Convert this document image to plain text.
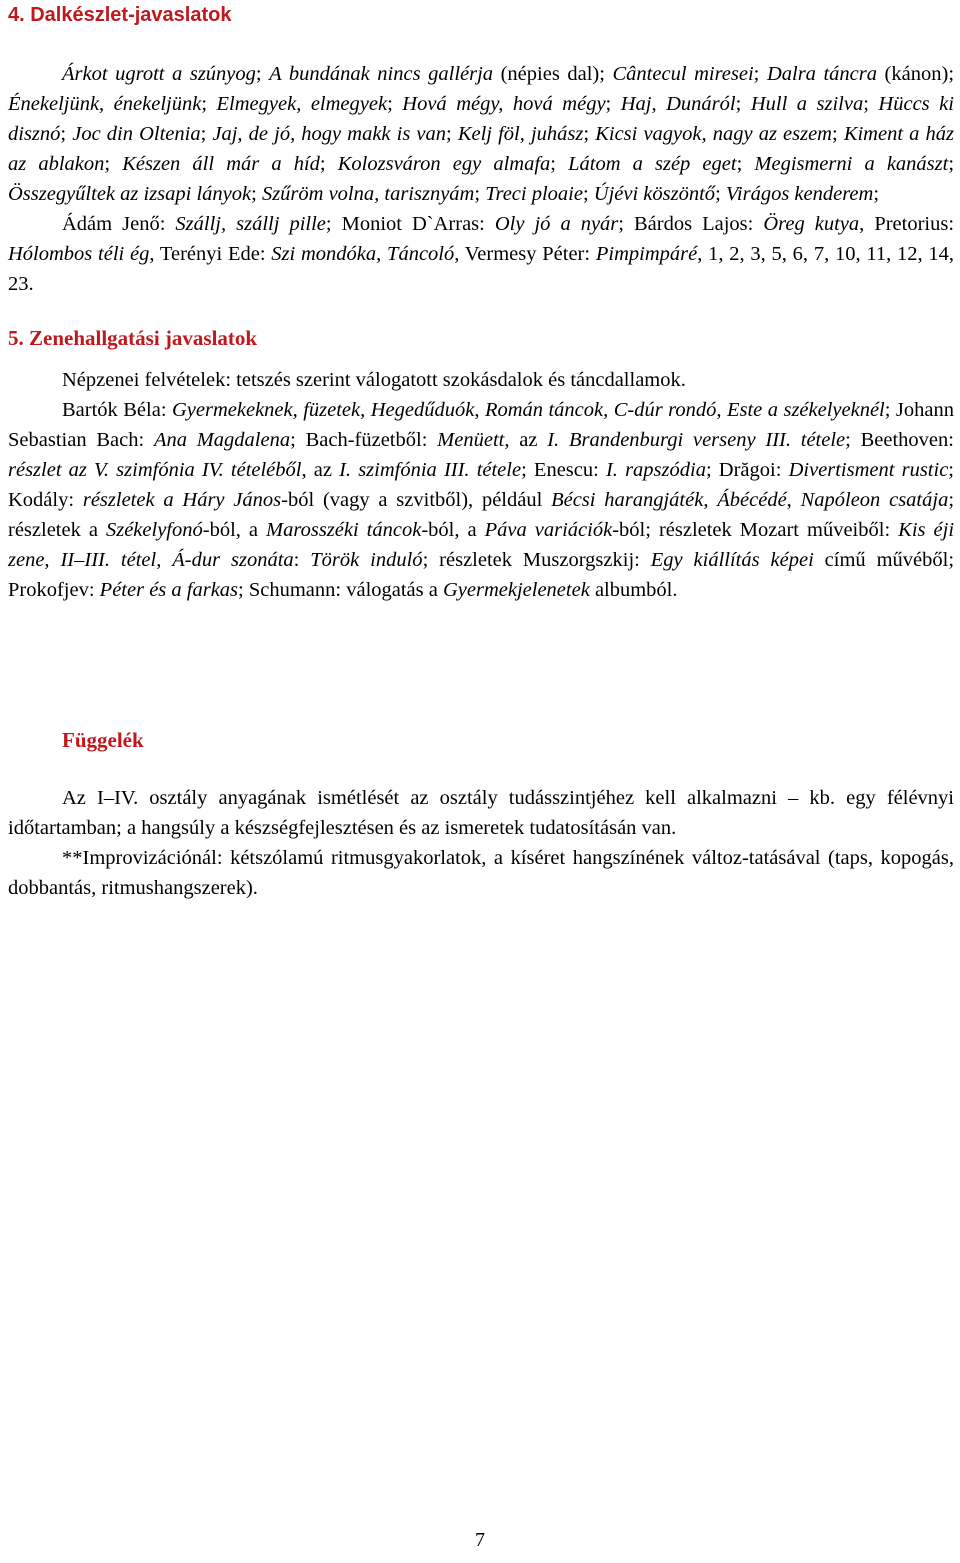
4. Dalkészlet-javaslatok

Árkot ugrott a szúnyog; A bundának nincs gallérja (népies dal); Cântecul miresei; Dalra táncra (kánon); Énekeljünk, énekeljünk; Elmegyek, elmegyek; Hová mégy, hová mégy; Haj, Dunáról; Hull a szilva; Hüccs ki disznó; Joc din Oltenia; Jaj, de jó, hogy makk is van; Kelj föl, juhász; Kicsi vagyok, nagy az eszem; Kiment a ház az ablakon; Készen áll már a híd; Kolozsváron egy almafa; Látom a szép eget; Megismerni a kanászt; Összegyűltek az izsapi lányok; Szűröm volna, tarisznyám; Treci ploaie; Újévi köszöntő; Virágos kenderem;

Ádám Jenő: Szállj, szállj pille; Moniot D`Arras: Oly jó a nyár; Bárdos Lajos: Öreg kutya, Pretorius: Hólombos téli ég, Terényi Ede: Szi mondóka, Táncoló, Vermesy Péter: Pimpimpáré, 1, 2, 3, 5, 6, 7, 10, 11, 12, 14, 23.

5. Zenehallgatási javaslatok

Népzenei felvételek: tetszés szerint válogatott szokásdalok és táncdallamok.

Bartók Béla: Gyermekeknek, füzetek, Hegedűduók, Román táncok, C-dúr rondó, Este a székelyeknél; Johann Sebastian Bach: Ana Magdalena; Bach-füzetből: Menüett, az I. Brandenburgi verseny III. tétele; Beethoven: részlet az V. szimfónia IV. tételéből, az I. szimfónia III. tétele; Enescu: I. rapszódia; Drăgoi: Divertisment rustic; Kodály: részletek a Háry János-ból (vagy a szvitből), például Bécsi harangjáték, Ábécédé, Napóleon csatája; részletek a Székelyfonó-ból, a Marosszéki táncok-ból, a Páva variációk-ból; részletek Mozart műveiből: Kis éji zene, II–III. tétel, Á-dur szonáta: Török induló; részletek Muszorgszkij: Egy kiállítás képei című művéből; Prokofjev: Péter és a farkas; Schumann: válogatás a Gyermekjelenetek albumból.

Függelék

Az I–IV. osztály anyagának ismétlését az osztály tudásszintjéhez kell alkalmazni – kb. egy félévnyi időtartamban; a hangsúly a készségfejlesztésen és az ismeretek tudatosításán van.

**Improvizációnál: kétszólamú ritmusgyakorlatok, a kíséret hangszínének változ-tatásával (taps, kopogás, dobbantás, ritmushangszerek).

7
